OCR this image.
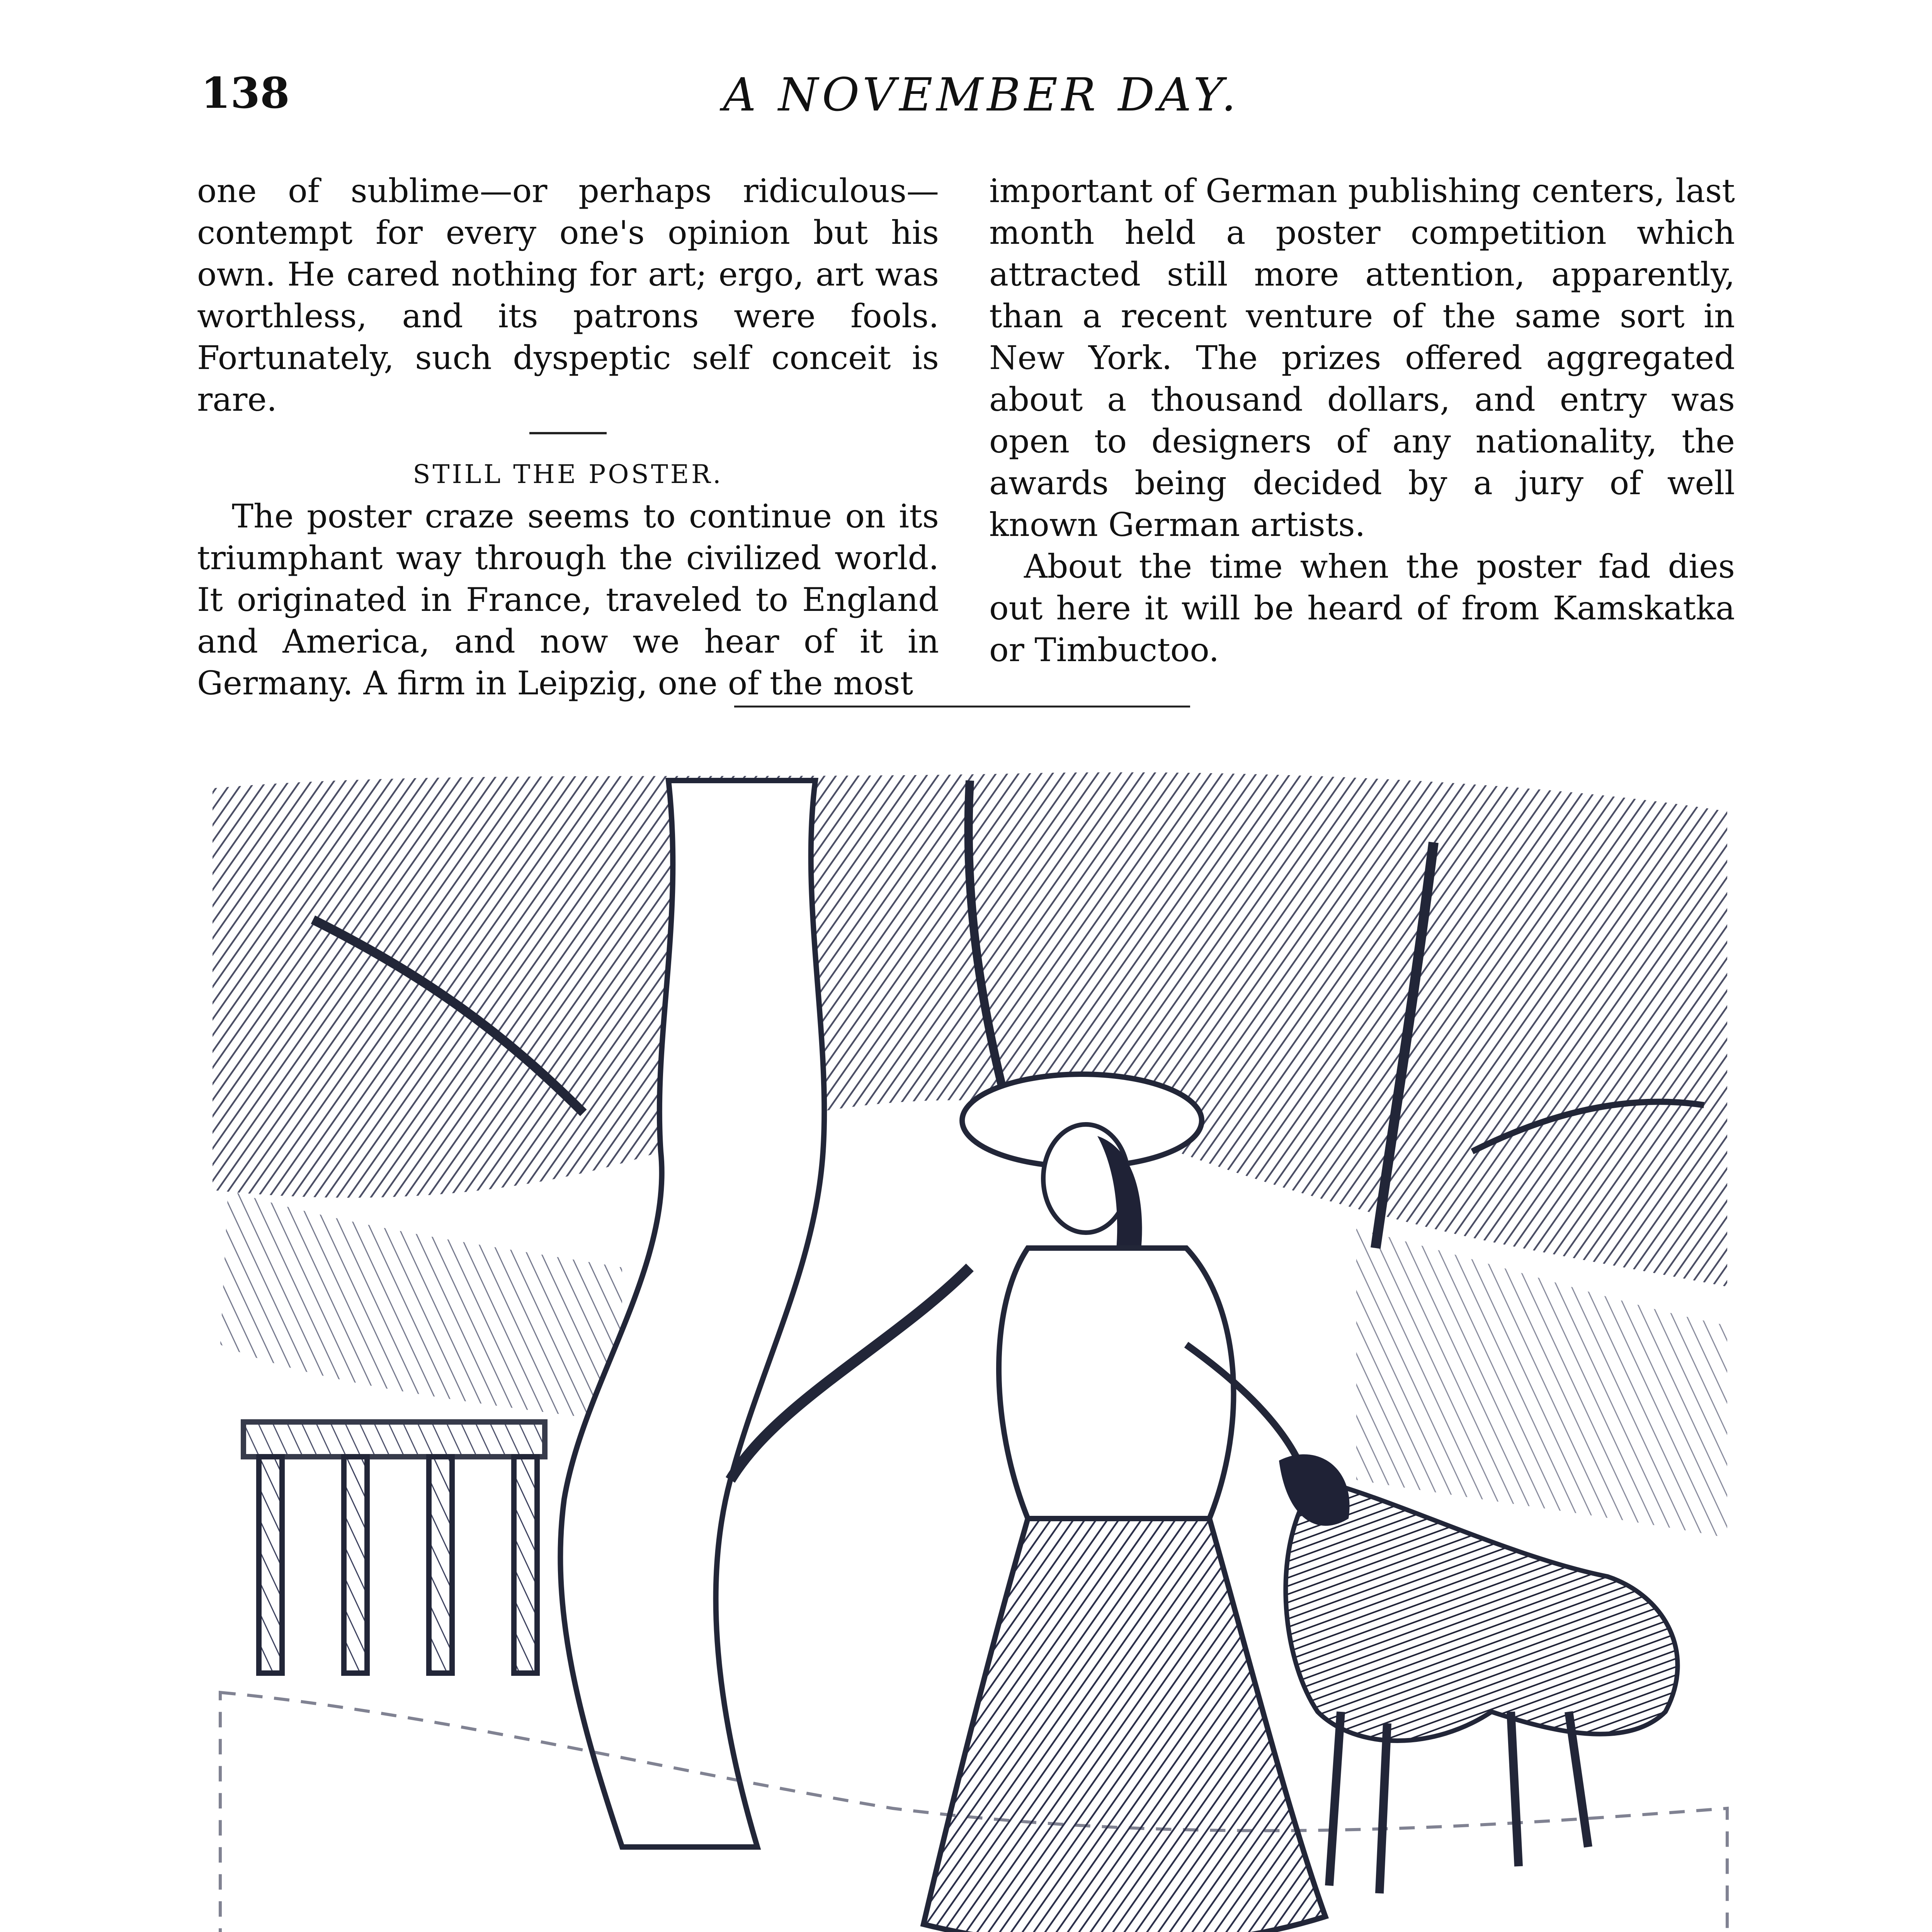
138	A NOVEMBER DAY.

one of sublime—or perhaps ridiculous—contempt for every one's opinion but his own. He cared nothing for art; ergo, art was worthless, and its patrons were fools. Fortunately, such dyspeptic self conceit is rare.

STILL THE POSTER.

The poster craze seems to continue on its triumphant way through the civilized world. It originated in France, traveled to England and America, and now we hear of it in Germany. A firm in Leipzig, one of the most

important of German publishing centers, last month held a poster competition which attracted still more attention, apparently, than a recent venture of the same sort in New York. The prizes offered aggregated about a thousand dollars, and entry was open to designers of any nationality, the awards being decided by a jury of well known German artists.

About the time when the poster fad dies out here it will be heard of from Kamskatka or Timbuctoo.
